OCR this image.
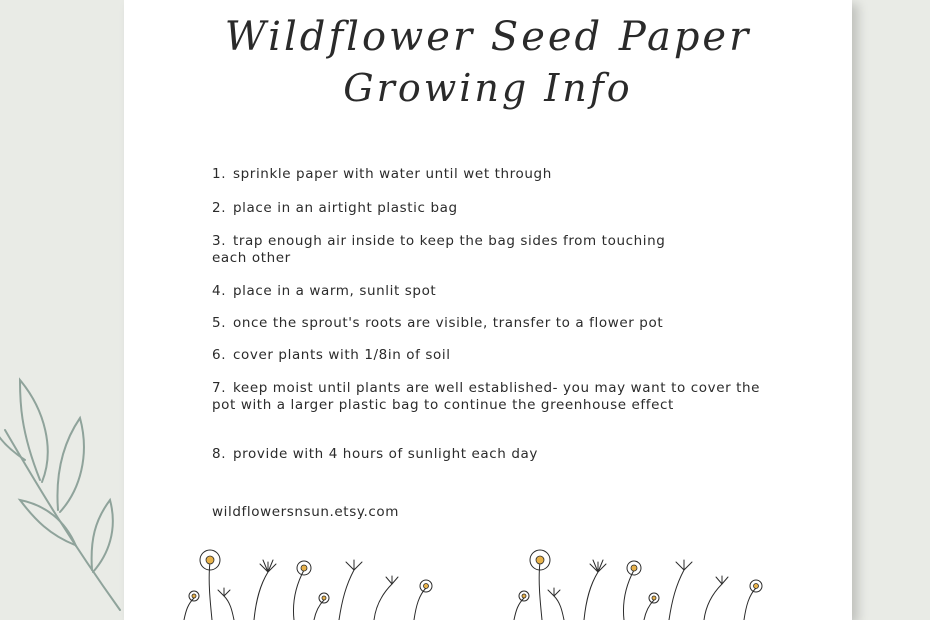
Wildflower Seed Paper
Growing Info
1. sprinkle paper with water until wet through
2. place in an airtight plastic bag
3. trap enough air inside to keep the bag sides from touching each other
4. place in a warm, sunlit spot
5. once the sprout's roots are visible, transfer to a flower pot
6. cover plants with 1/8in of soil
7. keep moist until plants are well established- you may want to cover the pot with a larger plastic bag to continue the greenhouse effect
8. provide with 4 hours of sunlight each day
wildflowersnsun.etsy.com
